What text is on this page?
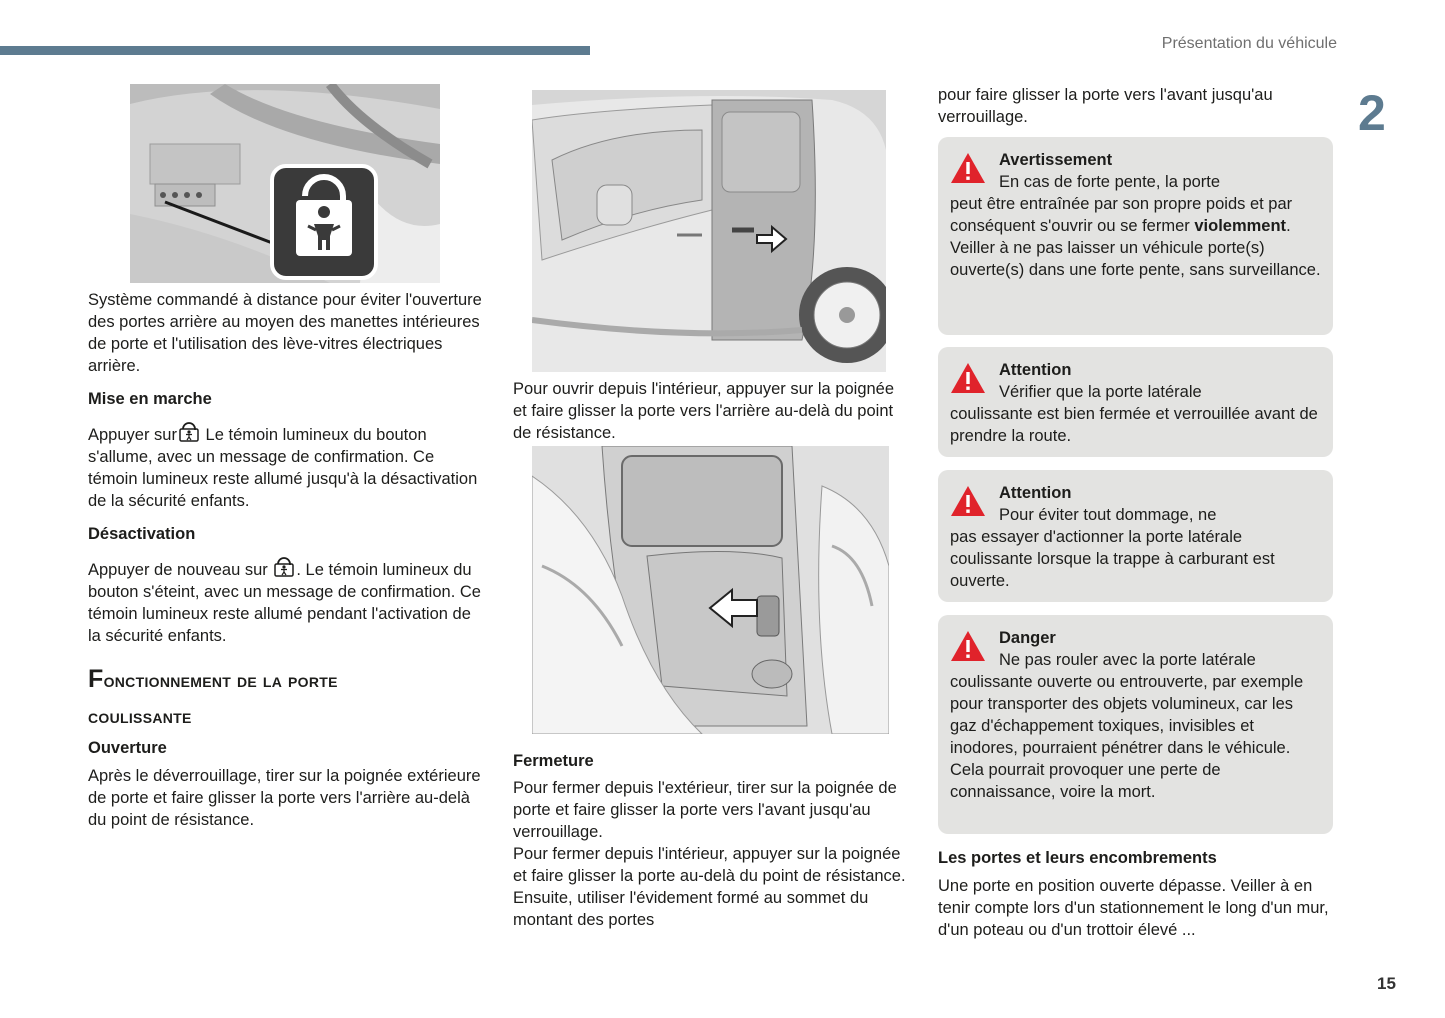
Présentation du véhicule
2
15

Système commandé à distance pour éviter l'ouverture des portes arrière au moyen des manettes intérieures de porte et l'utilisation des lève-vitres électriques arrière.

Mise en marche

Appuyer sur Le témoin lumineux du bouton s'allume, avec un message de confirmation. Ce témoin lumineux reste allumé jusqu'à la désactivation de la sécurité enfants.

Désactivation

Appuyer de nouveau sur . Le témoin lumineux du bouton s'éteint, avec un message de confirmation. Ce témoin lumineux reste allumé pendant l'activation de la sécurité enfants.

Fonctionnement de la porte
coulissante

Ouverture

Après le déverrouillage, tirer sur la poignée extérieure de porte et faire glisser la porte vers l'arrière au-delà du point de résistance.

Pour ouvrir depuis l'intérieur, appuyer sur la poignée et faire glisser la porte vers l'arrière au-delà du point de résistance.

Fermeture

Pour fermer depuis l'extérieur, tirer sur la poignée de porte et faire glisser la porte vers l'avant jusqu'au verrouillage.

Pour fermer depuis l'intérieur, appuyer sur la poignée et faire glisser la porte au-delà du point de résistance. Ensuite, utiliser l'évidement formé au sommet du montant des portes

pour faire glisser la porte vers l'avant jusqu'au verrouillage.

Avertissement
En cas de forte pente, la porte
peut être entraînée par son propre poids et par conséquent s'ouvrir ou se fermer violemment.
Veiller à ne pas laisser un véhicule porte(s) ouverte(s) dans une forte pente, sans surveillance.
Attention
Vérifier que la porte latérale
coulissante est bien fermée et verrouillée avant de prendre la route.
Attention
Pour éviter tout dommage, ne
pas essayer d'actionner la porte latérale coulissante lorsque la trappe à carburant est ouverte.
Danger
Ne pas rouler avec la porte latérale
coulissante ouverte ou entrouverte, par exemple pour transporter des objets volumineux, car les gaz d'échappement toxiques, invisibles et inodores, pourraient pénétrer dans le véhicule. Cela pourrait provoquer une perte de connaissance, voire la mort.

Les portes et leurs encombrements

Une porte en position ouverte dépasse. Veiller à en tenir compte lors d'un stationnement le long d'un mur, d'un poteau ou d'un trottoir élevé ...
